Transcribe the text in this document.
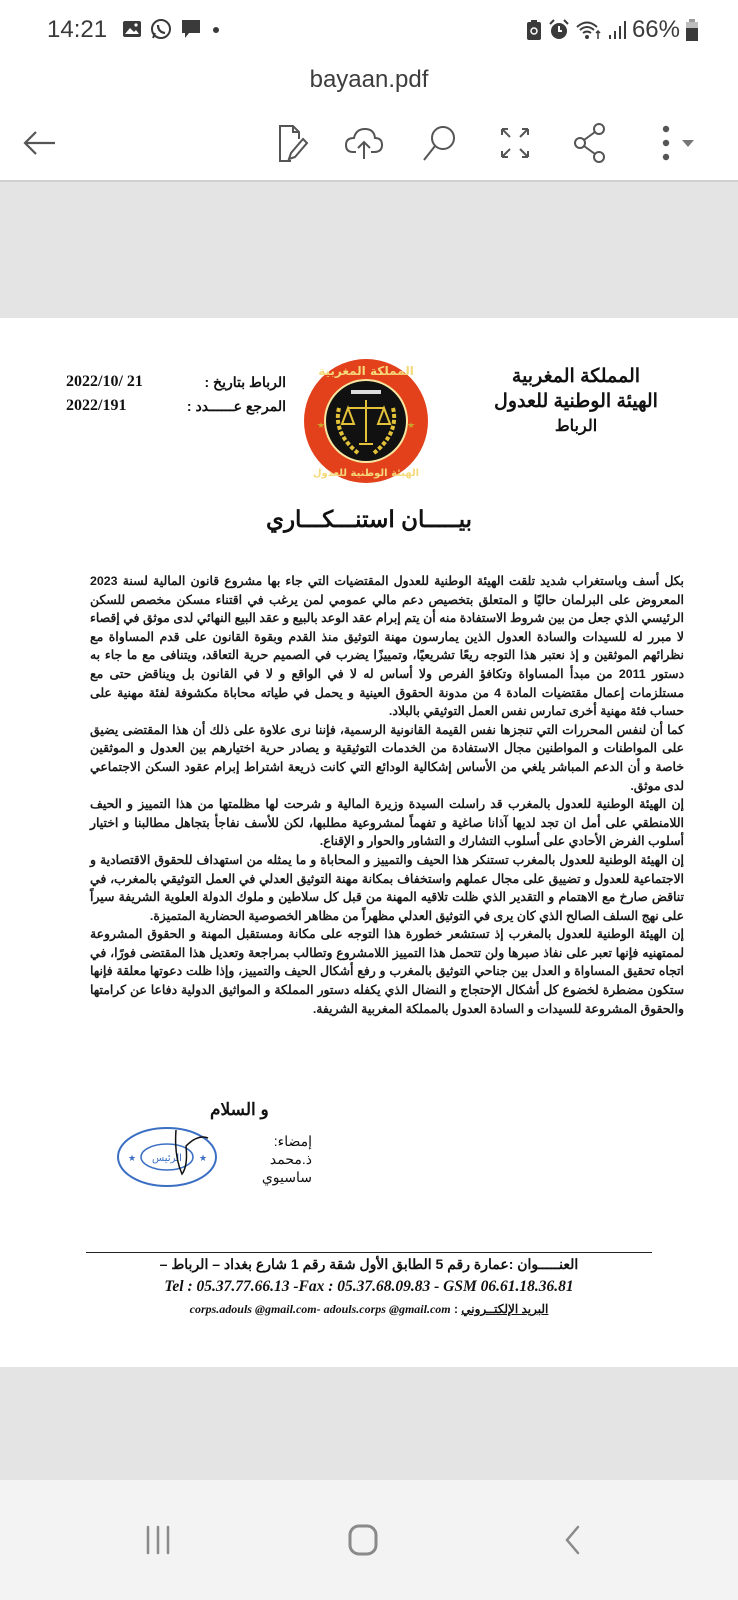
14:21	66%
bayaan.pdf
المملكة المغربية
الهيئة الوطنية للعدول
الرباط
المملكة المغربية
الهيئة الوطنية للعدول
الرباط بتاريخ :
2022/10/ 21
المرجع عــــــدد :
2022/191
بيـــــان استنـــكـــاري

بكل أسف وباستغراب شديد تلقت الهيئة الوطنية للعدول المقتضيات التي جاء بها مشروع قانون المالية لسنة 2023 المعروض على البرلمان حاليًا و المتعلق بتخصيص دعم مالي عمومي لمن يرغب في اقتناء مسكن مخصص للسكن الرئيسي الذي جعل من بين شروط الاستفادة منه أن يتم إبرام عقد الوعد بالبيع و عقد البيع النهائي لدى موثق في إقصاء لا مبرر له للسيدات والسادة العدول الذين يمارسون مهنة التوثيق منذ القدم وبقوة القانون على قدم المساواة مع نظرائهم الموثقين و إذ نعتبر هذا التوجه ريعًا تشريعيًا، وتمييزًا يضرب في الصميم حرية التعاقد، ويتنافى مع ما جاء به دستور 2011 من مبدأ المساواة وتكافؤ الفرص ولا أساس له لا في الواقع و لا في القانون بل ويناقض حتى مع مستلزمات إعمال مقتضيات المادة 4 من مدونة الحقوق العينية و يحمل في طياته محاباة مكشوفة لفئة مهنية على حساب فئة مهنية أخرى تمارس نفس العمل التوثيقي بالبلاد.

كما أن لنفس المحررات التي تنجزها نفس القيمة القانونية الرسمية، فإننا نرى علاوة على ذلك أن هذا المقتضى يضيق على المواطنات و المواطنين مجال الاستفادة من الخدمات التوثيقية و يصادر حرية اختيارهم بين العدول و الموثقين خاصة و أن الدعم المباشر يلغي من الأساس إشكالية الودائع التي كانت ذريعة اشتراط إبرام عقود السكن الاجتماعي لدى موثق.

إن الهيئة الوطنية للعدول بالمغرب قد راسلت السيدة وزيرة المالية و شرحت لها مظلمتها من هذا التمييز و الحيف اللامنطقي على أمل ان تجد لديها آذانا صاغية و تفهماً لمشروعية مطلبها، لكن للأسف نفاجأ بتجاهل مطالبنا و اختيار أسلوب الفرض الأحادي على أسلوب التشارك و التشاور والحوار و الإقناع.

إن الهيئة الوطنية للعدول بالمغرب تستنكر هذا الحيف والتمييز و المحاباة و ما يمثله من استهداف للحقوق الاقتصادية و الاجتماعية للعدول و تضييق على مجال عملهم واستخفاف بمكانة مهنة التوثيق العدلي في العمل التوثيقي بالمغرب، في تناقض صارخ مع الاهتمام و التقدير الذي ظلت تلاقيه المهنة من قبل كل سلاطين و ملوك الدولة العلوية الشريفة سيراً على نهج السلف الصالح الذي كان يرى في التوثيق العدلي مظهراً من مظاهر الخصوصية الحضارية المتميزة.

إن الهيئة الوطنية للعدول بالمغرب إذ تستشعر خطورة هذا التوجه على مكانة ومستقبل المهنة و الحقوق المشروعة لممتهنيه فإنها تعبر على نفاذ صبرها ولن تتحمل هذا التمييز اللامشروع وتطالب بمراجعة وتعديل هذا المقتضى فورًا، في اتجاه تحقيق المساواة و العدل بين جناحي التوثيق بالمغرب و رفع أشكال الحيف والتمييز، وإذا ظلت دعوتها معلقة فإنها ستكون مضطرة لخضوع كل أشكال الإحتجاج و النضال الذي يكفله دستور المملكة و المواثيق الدولية دفاعا عن كرامتها والحقوق المشروعة للسيدات و السادة العدول بالمملكة المغربية الشريفة.

و السلام
الرئيس
★	★
إمضاء:
ذ.محمد ساسيوي
العنـــــوان :عمارة رقم 5 الطابق الأول شقة رقم 1 شارع بغداد – الرباط –
Tel : 05.37.77.66.13 -Fax : 05.37.68.09.83 - GSM 06.61.18.36.81
corps.adouls @gmail.com- adouls.corps @gmail.com : البريد الإلكتــروني
